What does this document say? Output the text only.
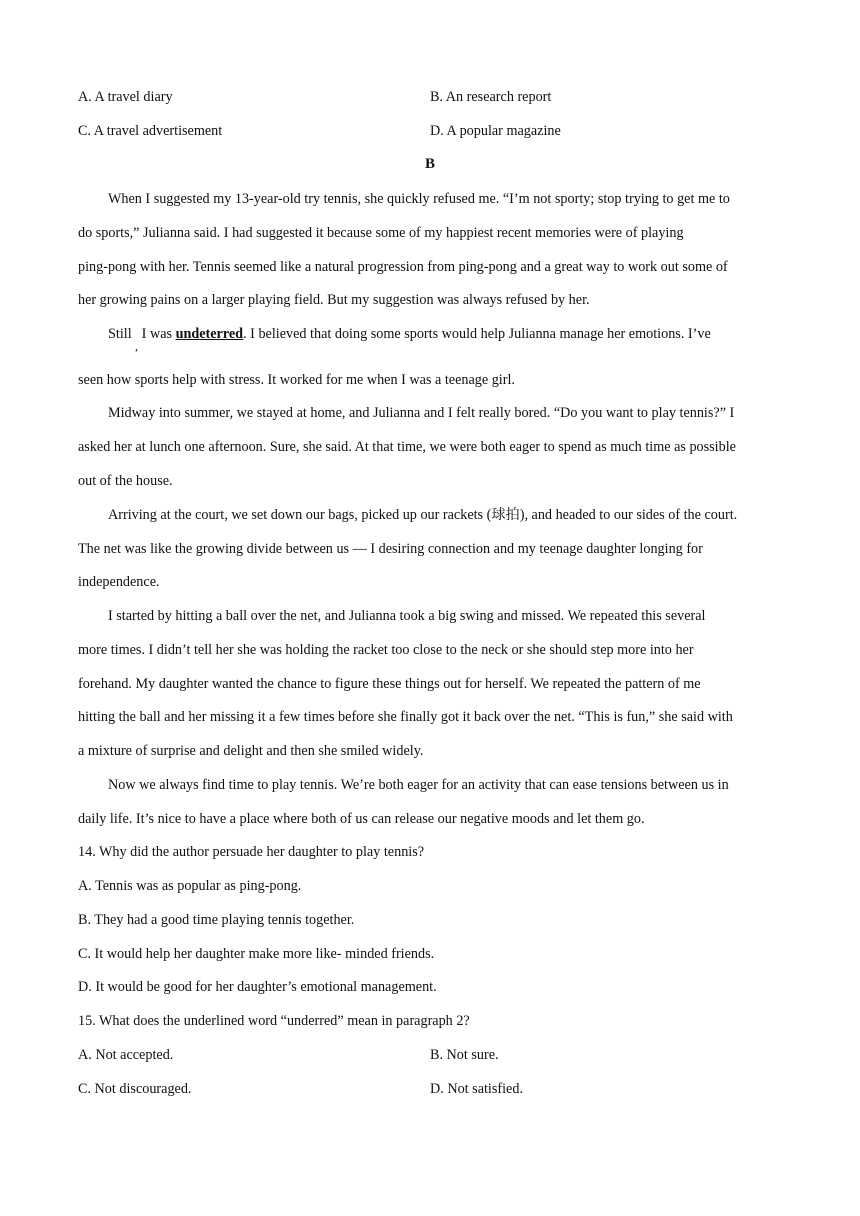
A. A travel diary	B. An research report
C. A travel advertisement	D. A popular magazine
B
When I suggested my 13-year-old try tennis, she quickly refused me. “I’m not sporty; stop trying to get me to
do sports,” Julianna said. I had suggested it because some of my happiest recent memories were of playing
ping-pong with her. Tennis seemed like a natural progression from ping-pong and a great way to work out some of
her growing pains on a larger playing field. But my suggestion was always refused by her.
Still I was undeterred. I believed that doing some sports would help Julianna manage her emotions. I’ve
,
seen how sports help with stress. It worked for me when I was a teenage girl.
Midway into summer, we stayed at home, and Julianna and I felt really bored. “Do you want to play tennis?” I
asked her at lunch one afternoon. Sure, she said. At that time, we were both eager to spend as much time as possible
out of the house.
Arriving at the court, we set down our bags, picked up our rackets (球拍), and headed to our sides of the court.
The net was like the growing divide between us — I desiring connection and my teenage daughter longing for
independence.
I started by hitting a ball over the net, and Julianna took a big swing and missed. We repeated this several
more times. I didn’t tell her she was holding the racket too close to the neck or she should step more into her
forehand. My daughter wanted the chance to figure these things out for herself. We repeated the pattern of me
hitting the ball and her missing it a few times before she finally got it back over the net. “This is fun,” she said with
a mixture of surprise and delight and then she smiled widely.
Now we always find time to play tennis. We’re both eager for an activity that can ease tensions between us in
daily life. It’s nice to have a place where both of us can release our negative moods and let them go.
14. Why did the author persuade her daughter to play tennis?
A. Tennis was as popular as ping-pong.
B. They had a good time playing tennis together.
C. It would help her daughter make more like- minded friends.
D. It would be good for her daughter’s emotional management.
15. What does the underlined word “underred” mean in paragraph 2?
A. Not accepted.	B. Not sure.
C. Not discouraged.	D. Not satisfied.
